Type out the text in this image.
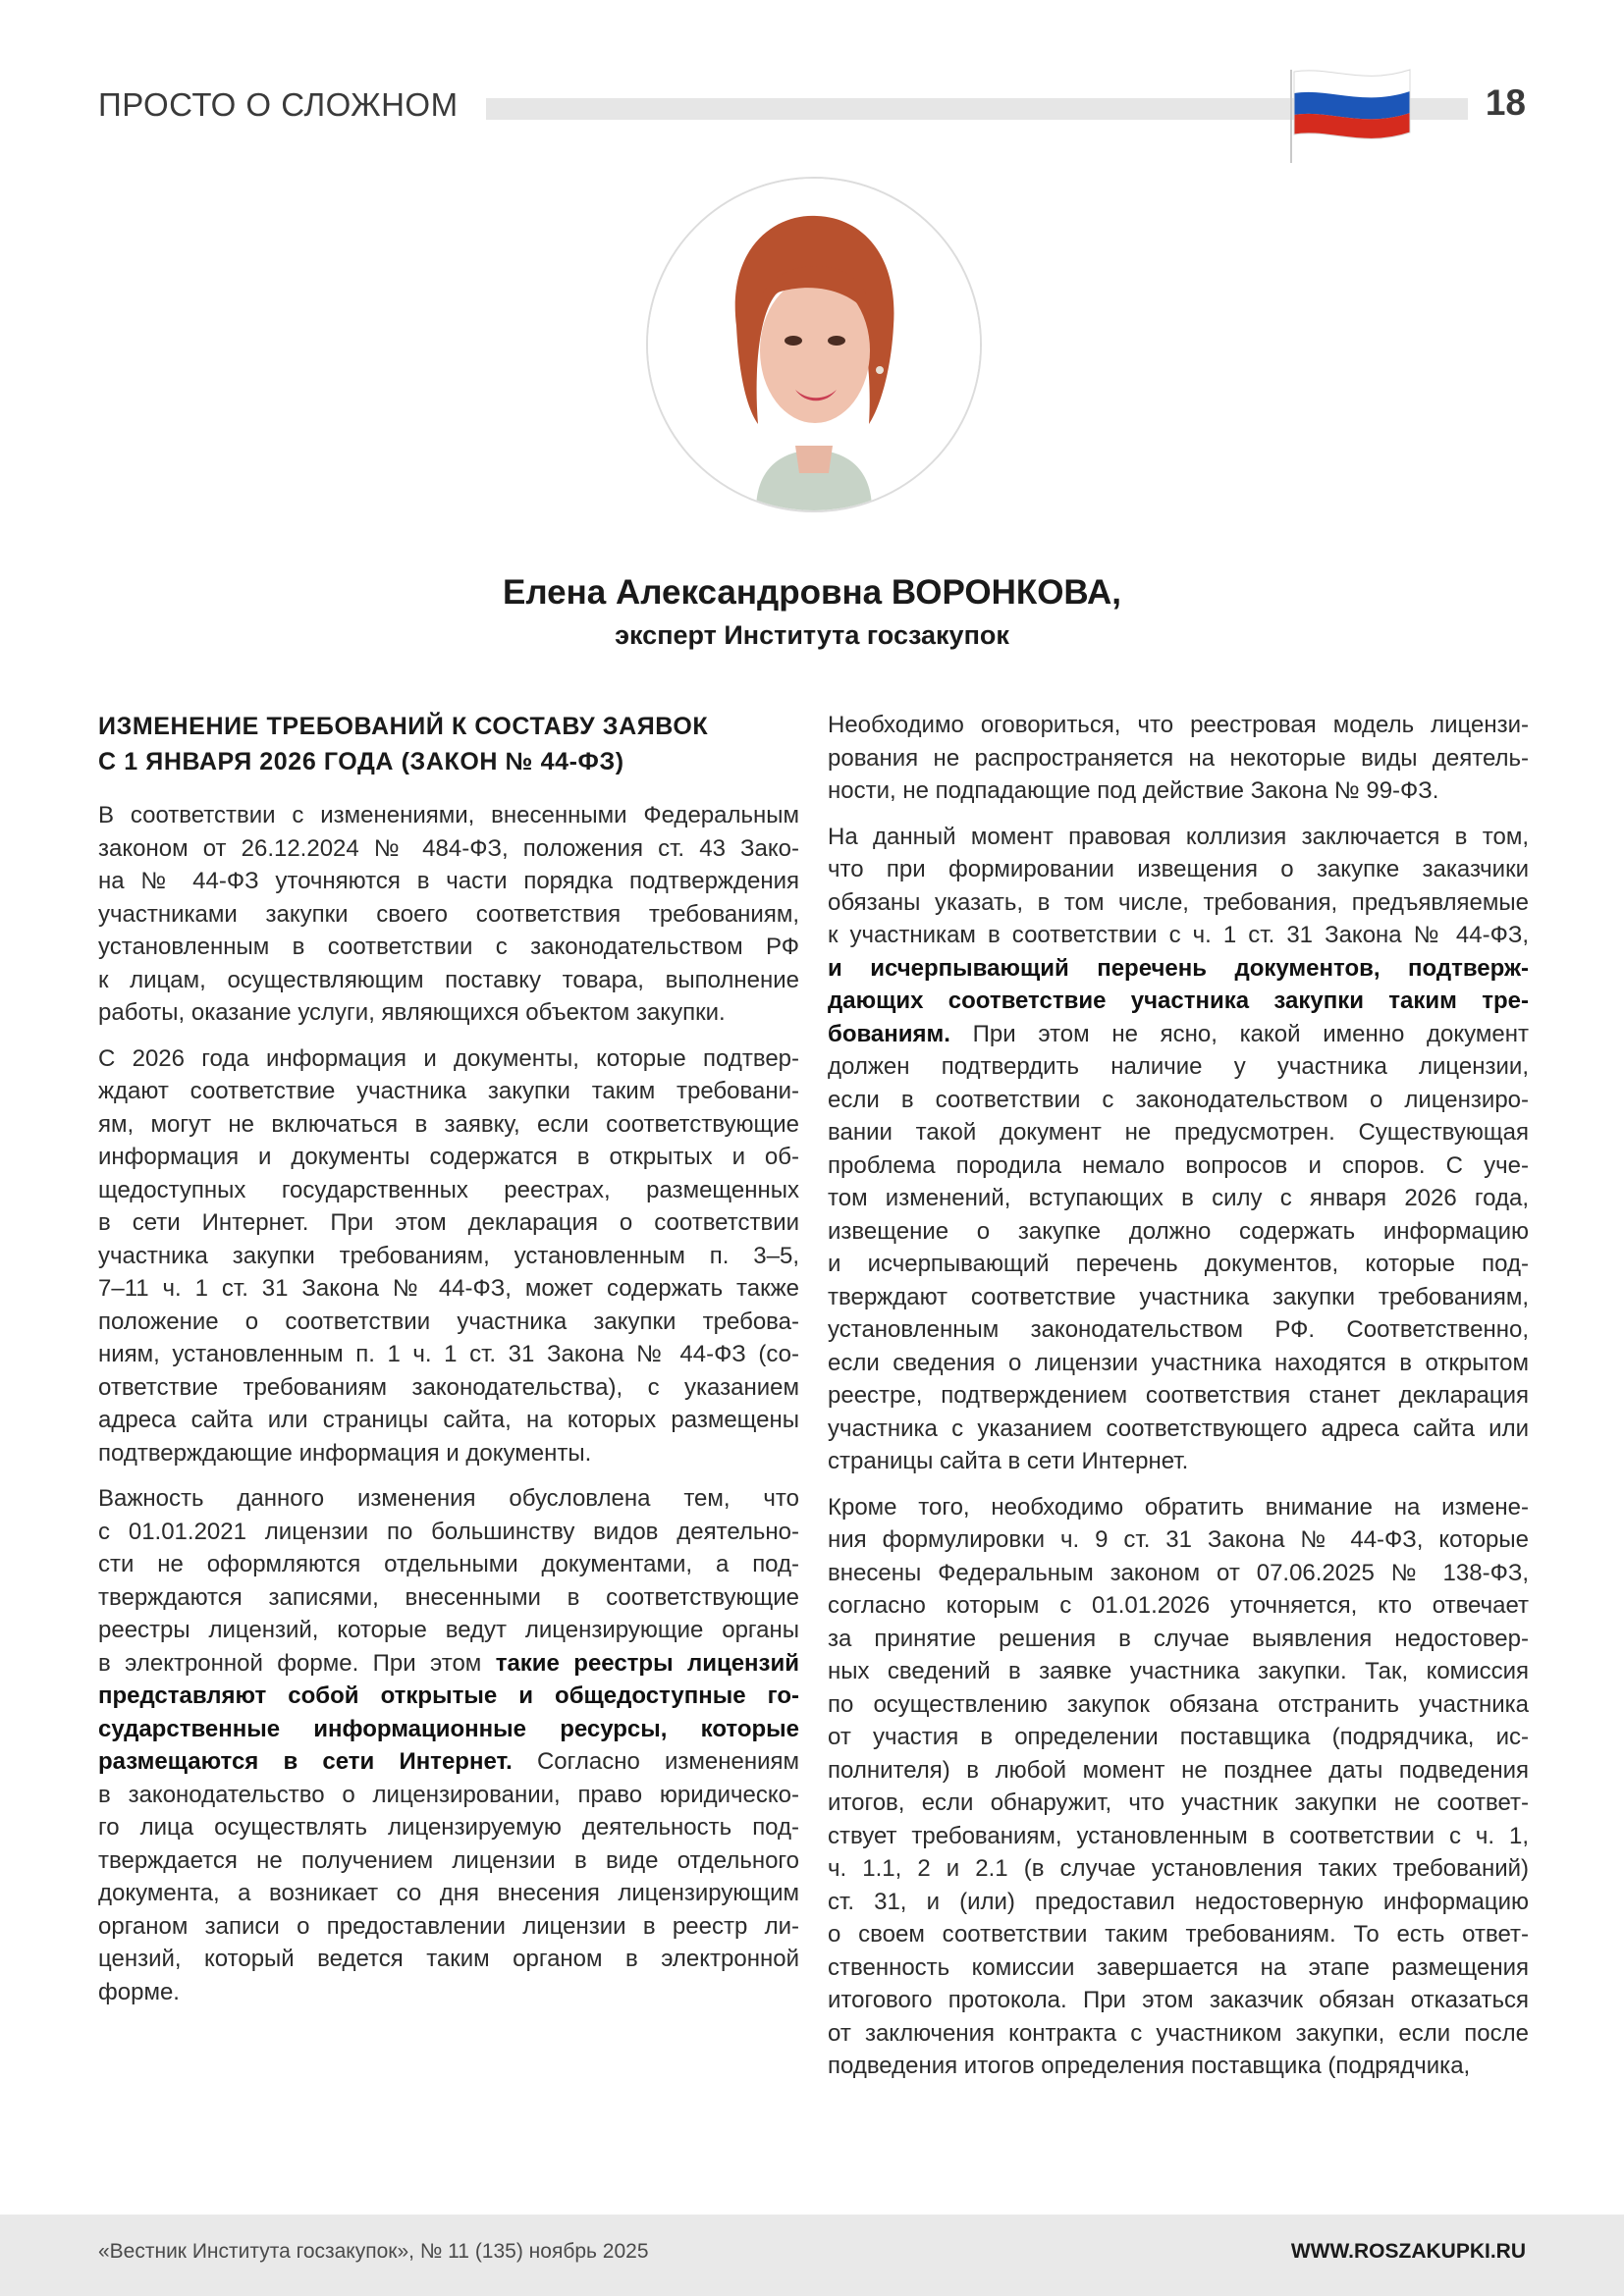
ПРОСТО О СЛОЖНОМ	18
Елена Александровна ВОРОНКОВА,
эксперт Института госзакупок
ИЗМЕНЕНИЕ ТРЕБОВАНИЙ К СОСТАВУ ЗАЯВОК
С 1 ЯНВАРЯ 2026 ГОДА (ЗАКОН № 44-ФЗ)
В соответствии с изменениями, внесенными Федеральным
законом от 26.12.2024 № 484-ФЗ, положения ст. 43 Зако-
на № 44-ФЗ уточняются в части порядка подтверждения
участниками закупки своего соответствия требованиям,
установленным в соответствии с законодательством РФ
к лицам, осуществляющим поставку товара, выполнение
работы, оказание услуги, являющихся объектом закупки.
С 2026 года информация и документы, которые подтвер-
ждают соответствие участника закупки таким требовани-
ям, могут не включаться в заявку, если соответствующие
информация и документы содержатся в открытых и об-
щедоступных государственных реестрах, размещенных
в сети Интернет. При этом декларация о соответствии
участника закупки требованиям, установленным п. 3–5,
7–11 ч. 1 ст. 31 Закона № 44-ФЗ, может содержать также
положение о соответствии участника закупки требова-
ниям, установленным п. 1 ч. 1 ст. 31 Закона № 44-ФЗ (со-
ответствие требованиям законодательства), с указанием
адреса сайта или страницы сайта, на которых размещены
подтверждающие информация и документы.
Важность данного изменения обусловлена тем, что
с 01.01.2021 лицензии по большинству видов деятельно-
сти не оформляются отдельными документами, а под-
тверждаются записями, внесенными в соответствующие
реестры лицензий, которые ведут лицензирующие органы
в электронной форме. При этом такие реестры лицензий
представляют собой открытые и общедоступные го-
сударственные информационные ресурсы, которые
размещаются в сети Интернет. Согласно изменениям
в законодательство о лицензировании, право юридическо-
го лица осуществлять лицензируемую деятельность под-
тверждается не получением лицензии в виде отдельного
документа, а возникает со дня внесения лицензирующим
органом записи о предоставлении лицензии в реестр ли-
цензий, который ведется таким органом в электронной
форме.
Необходимо оговориться, что реестровая модель лицензи-
рования не распространяется на некоторые виды деятель-
ности, не подпадающие под действие Закона № 99-ФЗ.
На данный момент правовая коллизия заключается в том,
что при формировании извещения о закупке заказчики
обязаны указать, в том числе, требования, предъявляемые
к участникам в соответствии с ч. 1 ст. 31 Закона № 44-ФЗ,
и исчерпывающий перечень документов, подтверж-
дающих соответствие участника закупки таким тре-
бованиям. При этом не ясно, какой именно документ
должен подтвердить наличие у участника лицензии,
если в соответствии с законодательством о лицензиро-
вании такой документ не предусмотрен. Существующая
проблема породила немало вопросов и споров. С уче-
том изменений, вступающих в силу с января 2026 года,
извещение о закупке должно содержать информацию
и исчерпывающий перечень документов, которые под-
тверждают соответствие участника закупки требованиям,
установленным законодательством РФ. Соответственно,
если сведения о лицензии участника находятся в открытом
реестре, подтверждением соответствия станет декларация
участника с указанием соответствующего адреса сайта или
страницы сайта в сети Интернет.
Кроме того, необходимо обратить внимание на измене-
ния формулировки ч. 9 ст. 31 Закона № 44-ФЗ, которые
внесены Федеральным законом от 07.06.2025 № 138-ФЗ,
согласно которым с 01.01.2026 уточняется, кто отвечает
за принятие решения в случае выявления недостовер-
ных сведений в заявке участника закупки. Так, комиссия
по осуществлению закупок обязана отстранить участника
от участия в определении поставщика (подрядчика, ис-
полнителя) в любой момент не позднее даты подведения
итогов, если обнаружит, что участник закупки не соответ-
ствует требованиям, установленным в соответствии с ч. 1,
ч. 1.1, 2 и 2.1 (в случае установления таких требований)
ст. 31, и (или) предоставил недостоверную информацию
о своем соответствии таким требованиям. То есть ответ-
ственность комиссии завершается на этапе размещения
итогового протокола. При этом заказчик обязан отказаться
от заключения контракта с участником закупки, если после
подведения итогов определения поставщика (подрядчика,
«Вестник Института госзакупок», № 11 (135) ноябрь 2025	WWW.ROSZAKUPKI.RU
